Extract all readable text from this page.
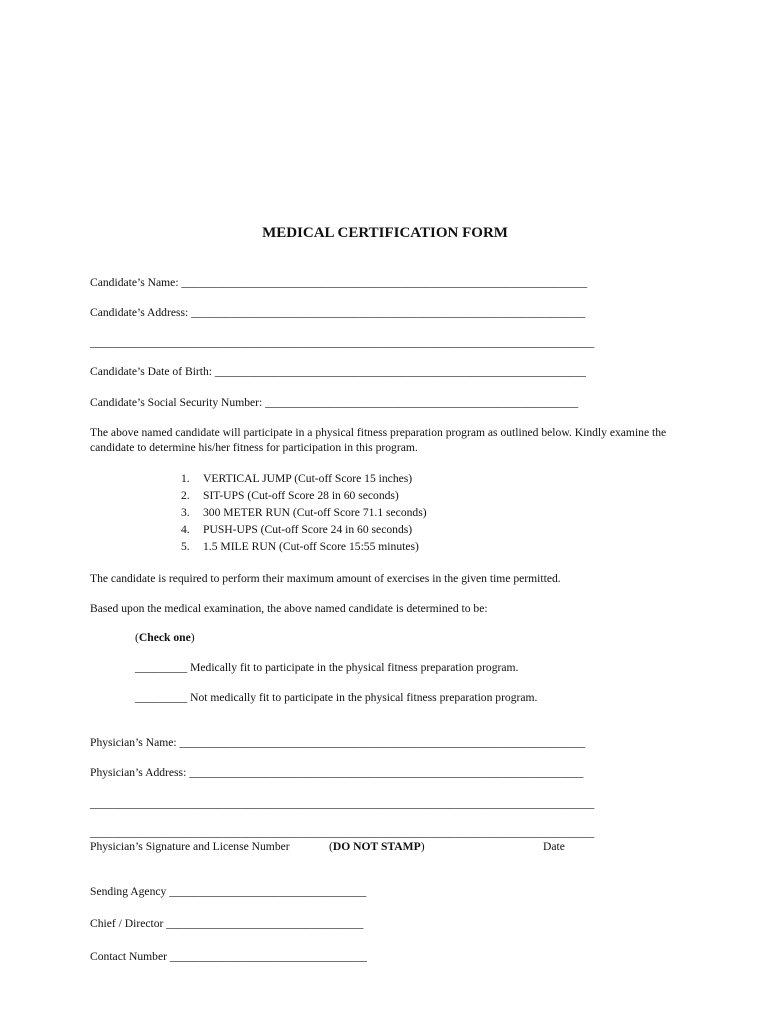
MEDICAL CERTIFICATION FORM
Candidate’s Name: ______________________________________________________________________
Candidate’s Address: ____________________________________________________________________
_______________________________________________________________________________________
Candidate’s Date of Birth: ________________________________________________________________
Candidate’s Social Security Number: ______________________________________________________
The above named candidate will participate in a physical fitness preparation program as outlined below. Kindly examine the candidate to determine his/her fitness for participation in this program.
1. VERTICAL JUMP (Cut-off Score 15 inches)
2. SIT-UPS (Cut-off Score 28 in 60 seconds)
3. 300 METER RUN (Cut-off Score 71.1 seconds)
4. PUSH-UPS (Cut-off Score 24 in 60 seconds)
5. 1.5 MILE RUN (Cut-off Score 15:55 minutes)
The candidate is required to perform their maximum amount of exercises in the given time permitted.
Based upon the medical examination, the above named candidate is determined to be:
(Check one)
_________ Medically fit to participate in the physical fitness preparation program.
_________ Not medically fit to participate in the physical fitness preparation program.
Physician’s Name: ______________________________________________________________________
Physician’s Address: ____________________________________________________________________
_______________________________________________________________________________________
_______________________________________________________________________________________
Physician’s Signature and License Number	(DO NOT STAMP)	Date
Sending Agency __________________________________
Chief / Director __________________________________
Contact Number __________________________________
